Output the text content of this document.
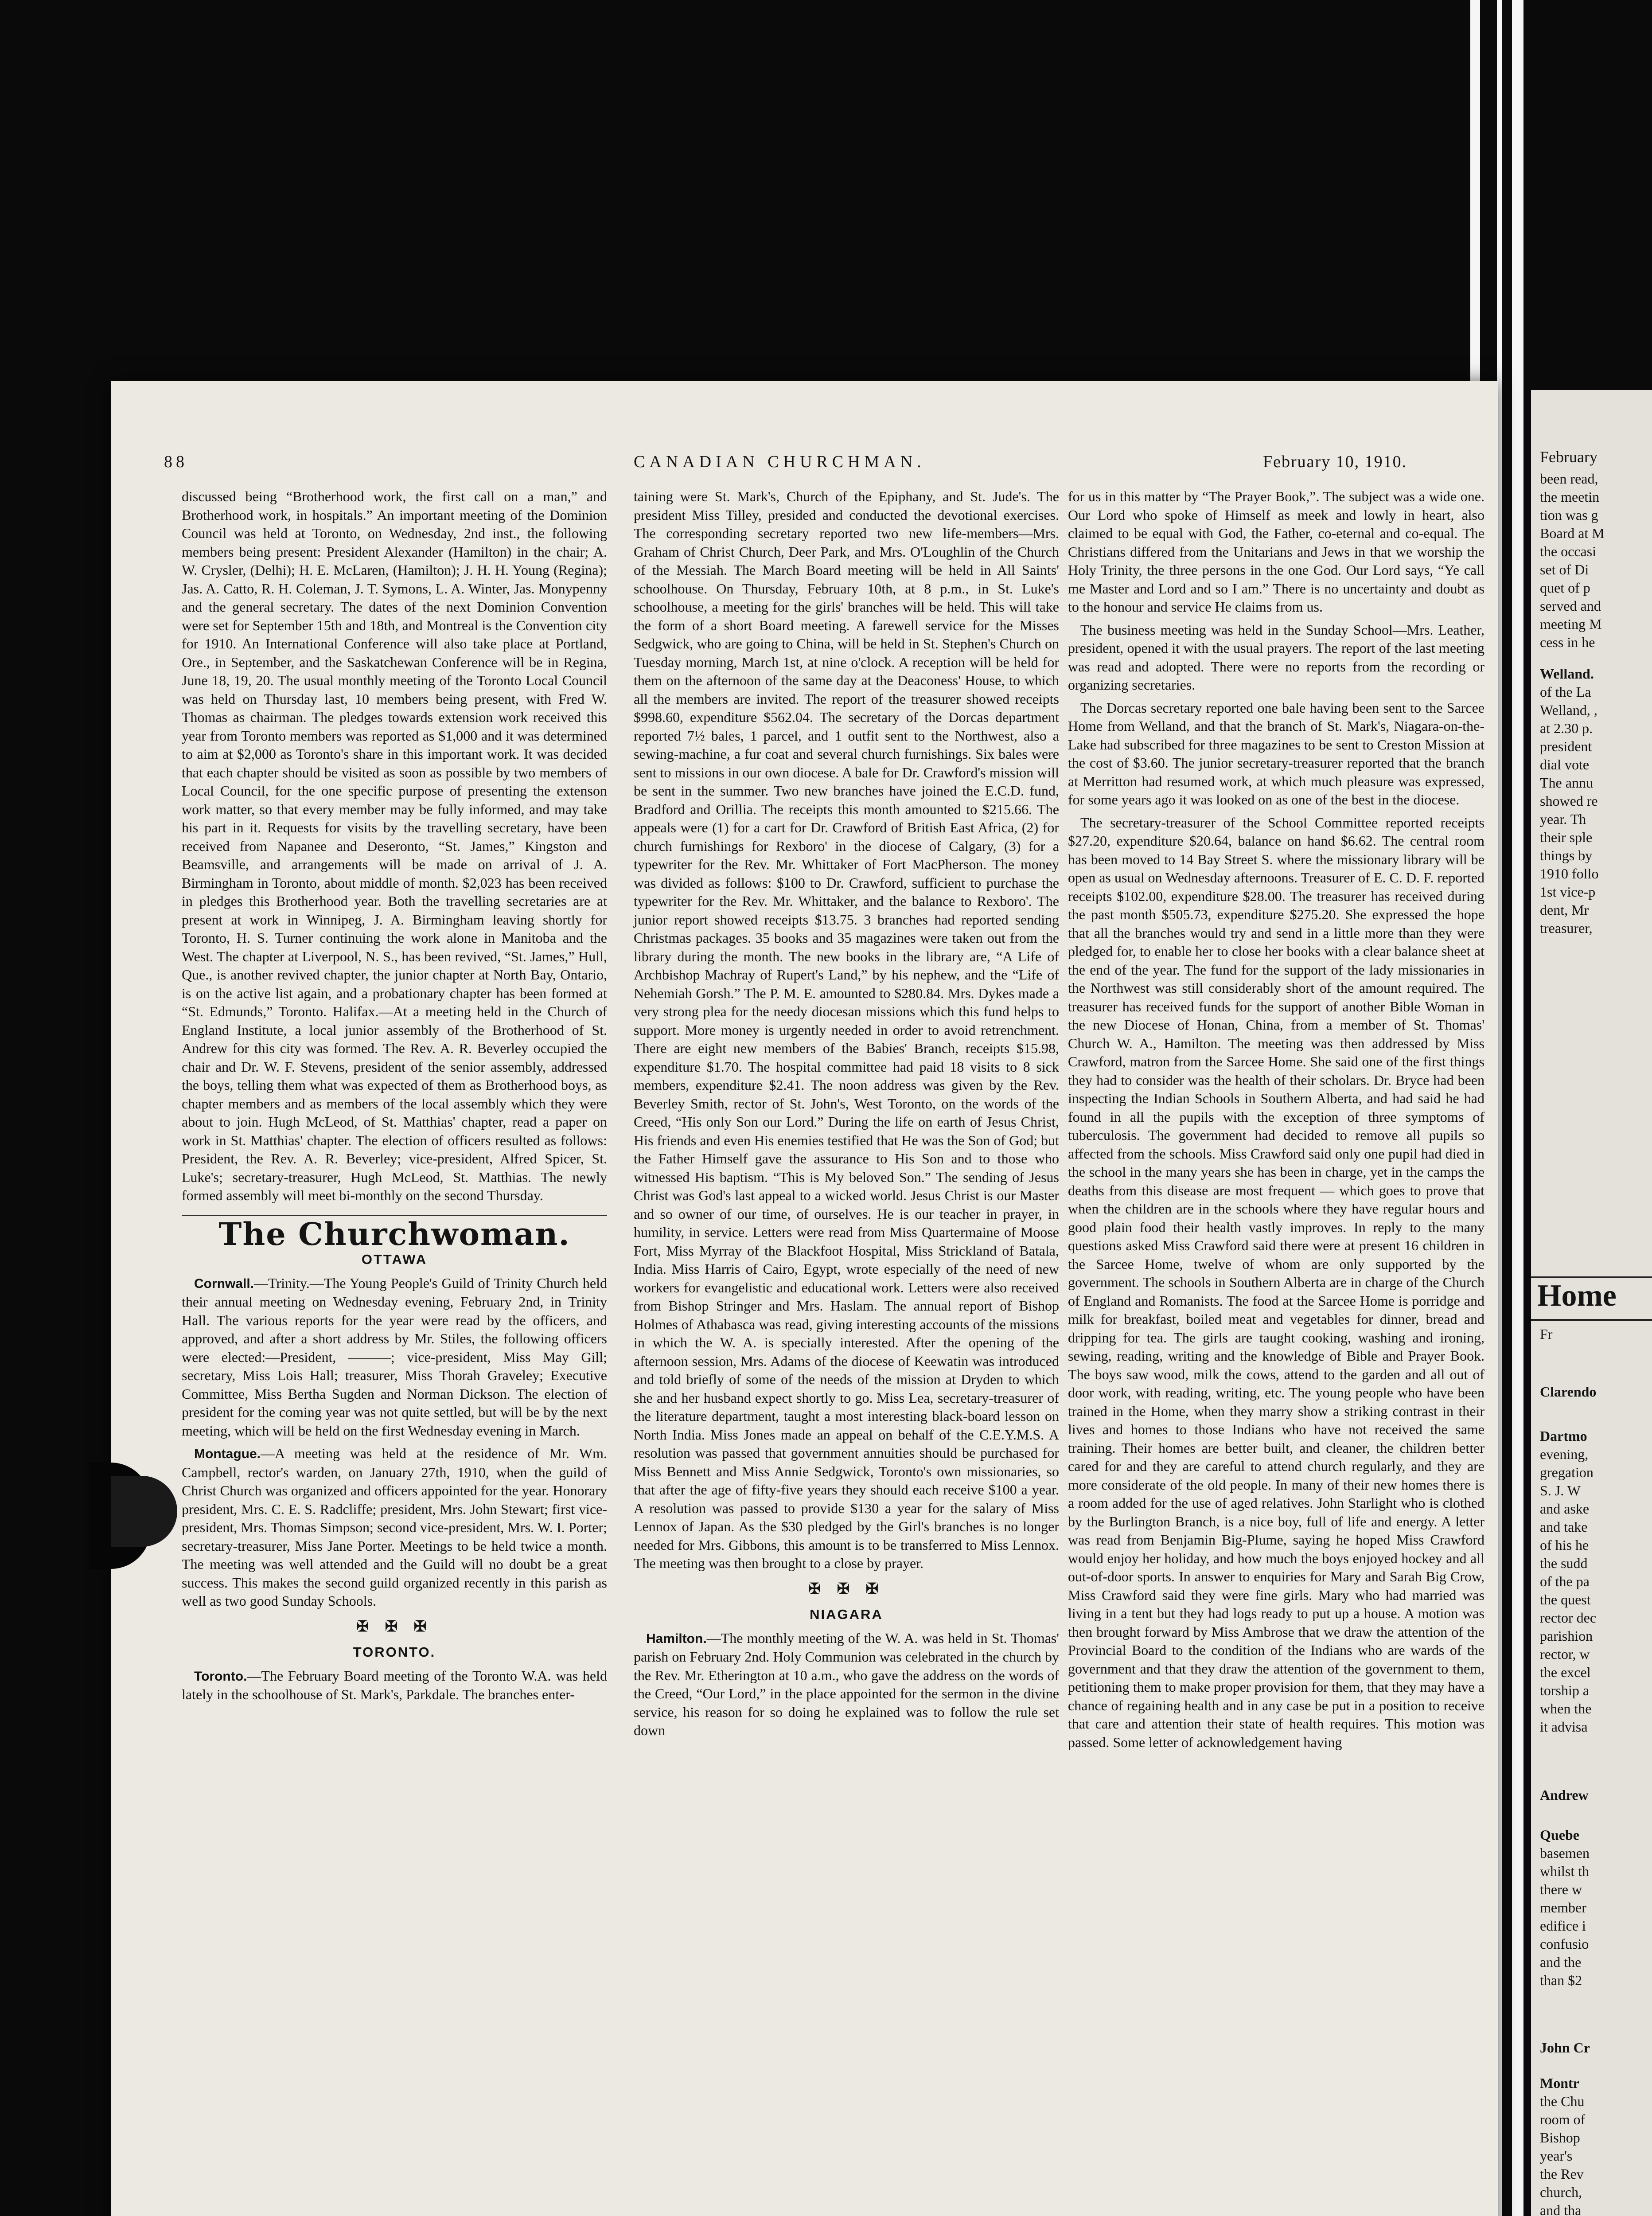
88	CANADIAN CHURCHMAN.	February 10, 1910.

discussed being “Brotherhood work, the first call on a man,” and Brotherhood work, in hospitals.” An important meeting of the Dominion Council was held at Toronto, on Wednesday, 2nd inst., the following members being present: President Alexander (Hamilton) in the chair; A. W. Crysler, (Delhi); H. E. McLaren, (Hamilton); J. H. H. Young (Regina); Jas. A. Catto, R. H. Coleman, J. T. Symons, L. A. Winter, Jas. Monypenny and the general secretary. The dates of the next Dominion Convention were set for September 15th and 18th, and Montreal is the Convention city for 1910. An International Conference will also take place at Portland, Ore., in September, and the Saskatchewan Conference will be in Regina, June 18, 19, 20. The usual monthly meeting of the Toronto Local Council was held on Thursday last, 10 members being present, with Fred W. Thomas as chairman. The pledges towards extension work received this year from Toronto members was reported as $1,000 and it was determined to aim at $2,000 as Toronto's share in this important work. It was decided that each chapter should be visited as soon as possible by two members of Local Council, for the one specific purpose of presenting the extenson work matter, so that every member may be fully informed, and may take his part in it. Requests for visits by the travelling secretary, have been received from Napanee and Deseronto, “St. James,” Kingston and Beamsville, and arrangements will be made on arrival of J. A. Birmingham in Toronto, about middle of month. $2,023 has been received in pledges this Brotherhood year. Both the travelling secretaries are at present at work in Winnipeg, J. A. Birmingham leaving shortly for Toronto, H. S. Turner continuing the work alone in Manitoba and the West. The chapter at Liverpool, N. S., has been revived, “St. James,” Hull, Que., is another revived chapter, the junior chapter at North Bay, Ontario, is on the active list again, and a probationary chapter has been formed at “St. Edmunds,” Toronto. Halifax.—At a meeting held in the Church of England Institute, a local junior assembly of the Brotherhood of St. Andrew for this city was formed. The Rev. A. R. Beverley occupied the chair and Dr. W. F. Stevens, president of the senior assembly, addressed the boys, telling them what was expected of them as Brotherhood boys, as chapter members and as members of the local assembly which they were about to join. Hugh McLeod, of St. Matthias' chapter, read a paper on work in St. Matthias' chapter. The election of officers resulted as follows: President, the Rev. A. R. Beverley; vice-president, Alfred Spicer, St. Luke's; secretary-treasurer, Hugh McLeod, St. Matthias. The newly formed assembly will meet bi-monthly on the second Thursday.

The Churchwoman.
OTTAWA

Cornwall.—Trinity.—The Young People's Guild of Trinity Church held their annual meeting on Wednesday evening, February 2nd, in Trinity Hall. The various reports for the year were read by the officers, and approved, and after a short address by Mr. Stiles, the following officers were elected:—President, ———; vice-president, Miss May Gill; secretary, Miss Lois Hall; treasurer, Miss Thorah Graveley; Executive Committee, Miss Bertha Sugden and Norman Dickson. The election of president for the coming year was not quite settled, but will be by the next meeting, which will be held on the first Wednesday evening in March.

Montague.—A meeting was held at the residence of Mr. Wm. Campbell, rector's warden, on January 27th, 1910, when the guild of Christ Church was organized and officers appointed for the year. Honorary president, Mrs. C. E. S. Radcliffe; president, Mrs. John Stewart; first vice-president, Mrs. Thomas Simpson; second vice-president, Mrs. W. I. Porter; secretary-treasurer, Miss Jane Porter. Meetings to be held twice a month. The meeting was well attended and the Guild will no doubt be a great success. This makes the second guild organized recently in this parish as well as two good Sunday Schools.

✠ ✠ ✠
TORONTO.

Toronto.—The February Board meeting of the Toronto W.A. was held lately in the schoolhouse of St. Mark's, Parkdale. The branches enter-

taining were St. Mark's, Church of the Epiphany, and St. Jude's. The president Miss Tilley, presided and conducted the devotional exercises. The corresponding secretary reported two new life-members—Mrs. Graham of Christ Church, Deer Park, and Mrs. O'Loughlin of the Church of the Messiah. The March Board meeting will be held in All Saints' schoolhouse. On Thursday, February 10th, at 8 p.m., in St. Luke's schoolhouse, a meeting for the girls' branches will be held. This will take the form of a short Board meeting. A farewell service for the Misses Sedgwick, who are going to China, will be held in St. Stephen's Church on Tuesday morning, March 1st, at nine o'clock. A reception will be held for them on the afternoon of the same day at the Deaconess' House, to which all the members are invited. The report of the treasurer showed receipts $998.60, expenditure $562.04. The secretary of the Dorcas department reported 7½ bales, 1 parcel, and 1 outfit sent to the Northwest, also a sewing-machine, a fur coat and several church furnishings. Six bales were sent to missions in our own diocese. A bale for Dr. Crawford's mission will be sent in the summer. Two new branches have joined the E.C.D. fund, Bradford and Orillia. The receipts this month amounted to $215.66. The appeals were (1) for a cart for Dr. Crawford of British East Africa, (2) for church furnishings for Rexboro' in the diocese of Calgary, (3) for a typewriter for the Rev. Mr. Whittaker of Fort MacPherson. The money was divided as follows: $100 to Dr. Crawford, sufficient to purchase the typewriter for the Rev. Mr. Whittaker, and the balance to Rexboro'. The junior report showed receipts $13.75. 3 branches had reported sending Christmas packages. 35 books and 35 magazines were taken out from the library during the month. The new books in the library are, “A Life of Archbishop Machray of Rupert's Land,” by his nephew, and the “Life of Nehemiah Gorsh.” The P. M. E. amounted to $280.84. Mrs. Dykes made a very strong plea for the needy diocesan missions which this fund helps to support. More money is urgently needed in order to avoid retrenchment. There are eight new members of the Babies' Branch, receipts $15.98, expenditure $1.70. The hospital committee had paid 18 visits to 8 sick members, expenditure $2.41. The noon address was given by the Rev. Beverley Smith, rector of St. John's, West Toronto, on the words of the Creed, “His only Son our Lord.” During the life on earth of Jesus Christ, His friends and even His enemies testified that He was the Son of God; but the Father Himself gave the assurance to His Son and to those who witnessed His baptism. “This is My beloved Son.” The sending of Jesus Christ was God's last appeal to a wicked world. Jesus Christ is our Master and so owner of our time, of ourselves. He is our teacher in prayer, in humility, in service. Letters were read from Miss Quartermaine of Moose Fort, Miss Myrray of the Blackfoot Hospital, Miss Strickland of Batala, India. Miss Harris of Cairo, Egypt, wrote especially of the need of new workers for evangelistic and educational work. Letters were also received from Bishop Stringer and Mrs. Haslam. The annual report of Bishop Holmes of Athabasca was read, giving interesting accounts of the missions in which the W. A. is specially interested. After the opening of the afternoon session, Mrs. Adams of the diocese of Keewatin was introduced and told briefly of some of the needs of the mission at Dryden to which she and her husband expect shortly to go. Miss Lea, secretary-treasurer of the literature department, taught a most interesting black-board lesson on North India. Miss Jones made an appeal on behalf of the C.E.Y.M.S. A resolution was passed that government annuities should be purchased for Miss Bennett and Miss Annie Sedgwick, Toronto's own missionaries, so that after the age of fifty-five years they should each receive $100 a year. A resolution was passed to provide $130 a year for the salary of Miss Lennox of Japan. As the $30 pledged by the Girl's branches is no longer needed for Mrs. Gibbons, this amount is to be transferred to Miss Lennox. The meeting was then brought to a close by prayer.

✠ ✠ ✠
NIAGARA

Hamilton.—The monthly meeting of the W. A. was held in St. Thomas' parish on February 2nd. Holy Communion was celebrated in the church by the Rev. Mr. Etherington at 10 a.m., who gave the address on the words of the Creed, “Our Lord,” in the place appointed for the sermon in the divine service, his reason for so doing he explained was to follow the rule set down

for us in this matter by “The Prayer Book,”. The subject was a wide one. Our Lord who spoke of Himself as meek and lowly in heart, also claimed to be equal with God, the Father, co-eternal and co-equal. The Christians differed from the Unitarians and Jews in that we worship the Holy Trinity, the three persons in the one God. Our Lord says, “Ye call me Master and Lord and so I am.” There is no uncertainty and doubt as to the honour and service He claims from us.

The business meeting was held in the Sunday School—Mrs. Leather, president, opened it with the usual prayers. The report of the last meeting was read and adopted. There were no reports from the recording or organizing secretaries.

The Dorcas secretary reported one bale having been sent to the Sarcee Home from Welland, and that the branch of St. Mark's, Niagara-on-the-Lake had subscribed for three magazines to be sent to Creston Mission at the cost of $3.60. The junior secretary-treasurer reported that the branch at Merritton had resumed work, at which much pleasure was expressed, for some years ago it was looked on as one of the best in the diocese.

The secretary-treasurer of the School Committee reported receipts $27.20, expenditure $20.64, balance on hand $6.62. The central room has been moved to 14 Bay Street S. where the missionary library will be open as usual on Wednesday afternoons. Treasurer of E. C. D. F. reported receipts $102.00, expenditure $28.00. The treasurer has received during the past month $505.73, expenditure $275.20. She expressed the hope that all the branches would try and send in a little more than they were pledged for, to enable her to close her books with a clear balance sheet at the end of the year. The fund for the support of the lady missionaries in the Northwest was still considerably short of the amount required. The treasurer has received funds for the support of another Bible Woman in the new Diocese of Honan, China, from a member of St. Thomas' Church W. A., Hamilton. The meeting was then addressed by Miss Crawford, matron from the Sarcee Home. She said one of the first things they had to consider was the health of their scholars. Dr. Bryce had been inspecting the Indian Schools in Southern Alberta, and had said he had found in all the pupils with the exception of three symptoms of tuberculosis. The government had decided to remove all pupils so affected from the schools. Miss Crawford said only one pupil had died in the school in the many years she has been in charge, yet in the camps the deaths from this disease are most frequent — which goes to prove that when the children are in the schools where they have regular hours and good plain food their health vastly improves. In reply to the many questions asked Miss Crawford said there were at present 16 children in the Sarcee Home, twelve of whom are only supported by the government. The schools in Southern Alberta are in charge of the Church of England and Romanists. The food at the Sarcee Home is porridge and milk for breakfast, boiled meat and vegetables for dinner, bread and dripping for tea. The girls are taught cooking, washing and ironing, sewing, reading, writing and the knowledge of Bible and Prayer Book. The boys saw wood, milk the cows, attend to the garden and all out of door work, with reading, writing, etc. The young people who have been trained in the Home, when they marry show a striking contrast in their lives and homes to those Indians who have not received the same training. Their homes are better built, and cleaner, the children better cared for and they are careful to attend church regularly, and they are more considerate of the old people. In many of their new homes there is a room added for the use of aged relatives. John Starlight who is clothed by the Burlington Branch, is a nice boy, full of life and energy. A letter was read from Benjamin Big-Plume, saying he hoped Miss Crawford would enjoy her holiday, and how much the boys enjoyed hockey and all out-of-door sports. In answer to enquiries for Mary and Sarah Big Crow, Miss Crawford said they were fine girls. Mary who had married was living in a tent but they had logs ready to put up a house. A motion was then brought forward by Miss Ambrose that we draw the attention of the Provincial Board to the condition of the Indians who are wards of the government and that they draw the attention of the government to them, petitioning them to make proper provision for them, that they may have a chance of regaining health and in any case be put in a position to receive that care and attention their state of health requires. This motion was passed. Some letter of acknowledgement having

February
been read,
the meetin
tion was g
Board at M
the occasi
set of Di
quet of p
served and
meeting M
cess in he
Welland.
of the La
Welland, ,
at 2.30 p.
president
dial vote
The annu
showed re
year. Th
their sple
things by
1910 follo
1st vice-p
dent, Mr
treasurer,
Fr
Clarendo
Dartmo
evening,
gregation
S. J. W
and aske
and take
of his he
the sudd
of the pa
the quest
rector dec
parishion
rector, w
the excel
torship a
when the
it advisa
Andrew
Quebe
basemen
whilst th
there w
member
edifice i
confusio
and the
than $2
John Cr
Montr
the Chu
room of
Bishop
year's
the Rev
church,
and tha
Home
